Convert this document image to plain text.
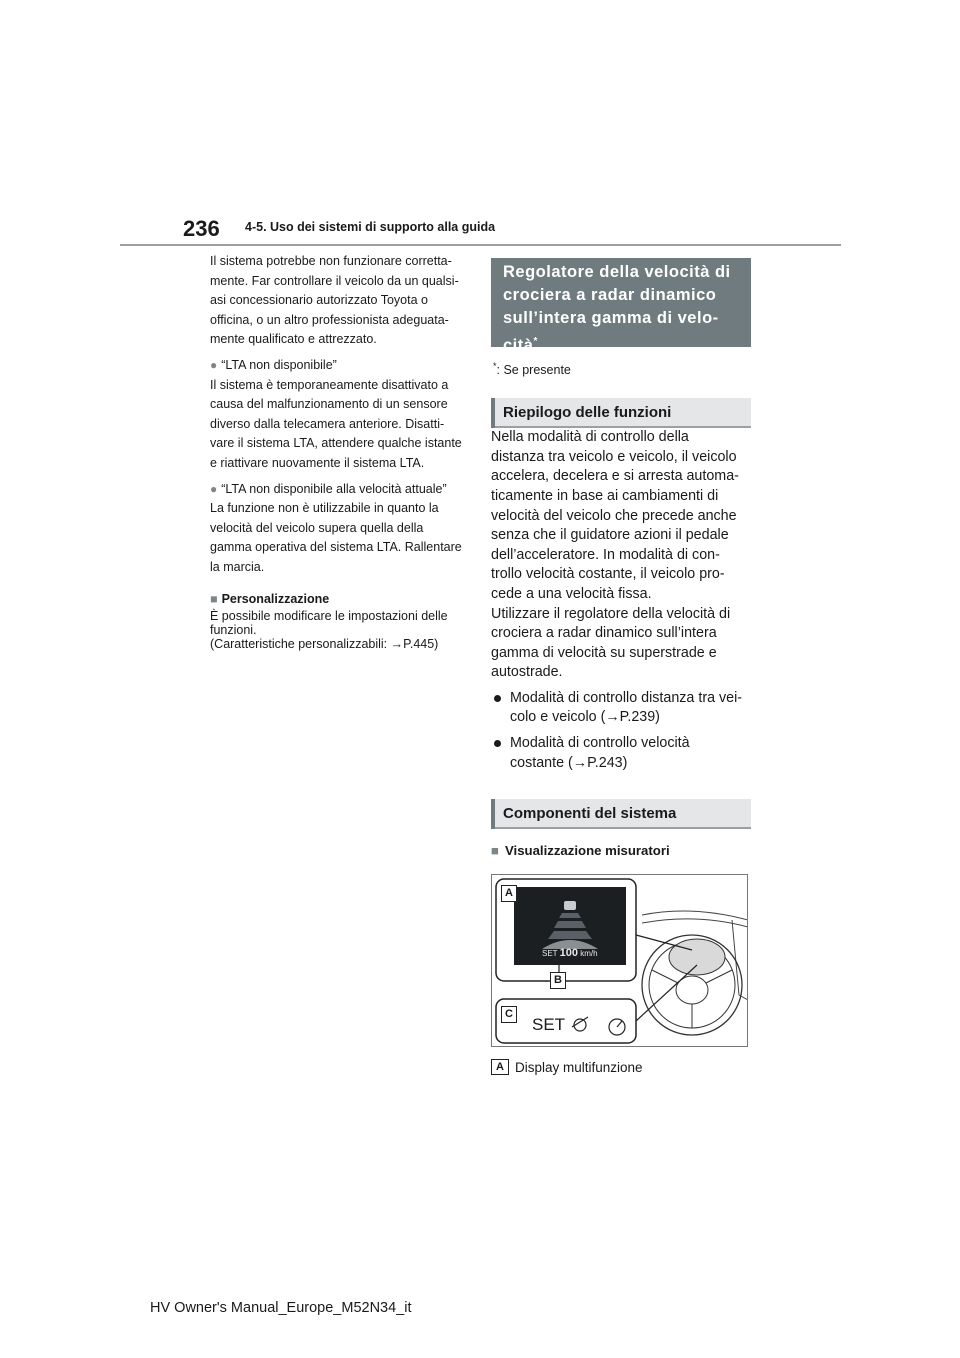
236 4-5. Uso dei sistemi di supporto alla guida

Il sistema potrebbe non funzionare corretta-
mente. Far controllare il veicolo da un qualsi-
asi concessionario autorizzato Toyota o
officina, o un altro professionista adeguata-
mente qualificato e attrezzato.

● “LTA non disponibile”
Il sistema è temporaneamente disattivato a
causa del malfunzionamento di un sensore
diverso dalla telecamera anteriore. Disatti-
vare il sistema LTA, attendere qualche istante
e riattivare nuovamente il sistema LTA.
● “LTA non disponibile alla velocità attuale”
La funzione non è utilizzabile in quanto la
velocità del veicolo supera quella della
gamma operativa del sistema LTA. Rallentare
la marcia.
■ Personalizzazione
È possibile modificare le impostazioni delle
funzioni.
(Caratteristiche personalizzabili: →P.445)
Regolatore della velocità di
crociera a radar dinamico
sull’intera gamma di velo-
cità*
*: Se presente
Riepilogo delle funzioni

Nella modalità di controllo della
distanza tra veicolo e veicolo, il veicolo
accelera, decelera e si arresta automa-
ticamente in base ai cambiamenti di
velocità del veicolo che precede anche
senza che il guidatore azioni il pedale
dell’acceleratore. In modalità di con-
trollo velocità costante, il veicolo pro-
cede a una velocità fissa.

Utilizzare il regolatore della velocità di
crociera a radar dinamico sull’intera
gamma di velocità su superstrade e
autostrade.

Modalità di controllo distanza tra vei-
colo e veicolo (→P.239)
Modalità di controllo velocità
costante (→P.243)
Componenti del sistema
■ Visualizzazione misuratori
SET 100 km/h
SET
A
B
C
A Display multifunzione
HV Owner's Manual_Europe_M52N34_it
